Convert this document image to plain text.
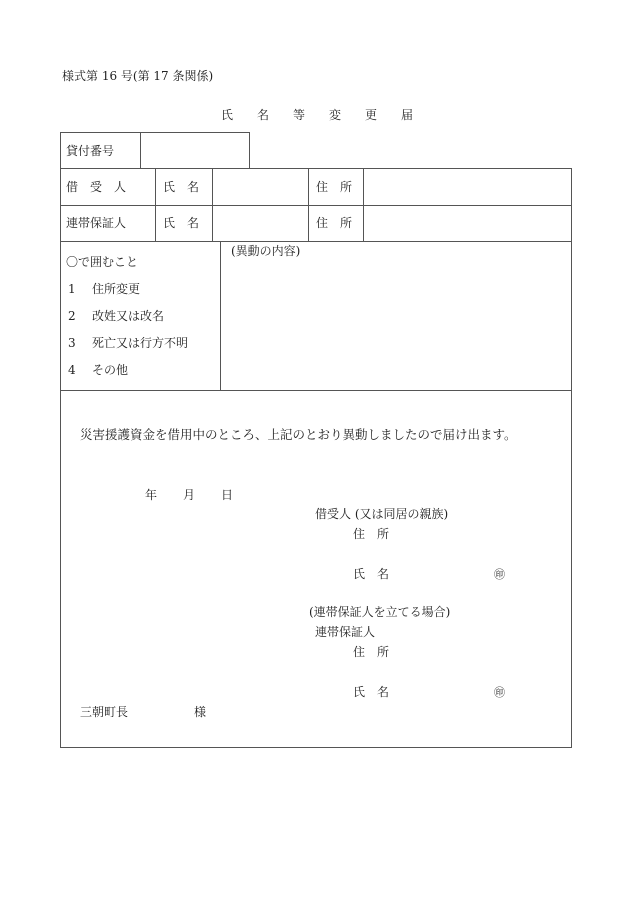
様式第 16 号(第 17 条関係)
氏 名 等 変 更 届
貸付番号
借 受 人	氏 名	住 所
連帯保証人	氏 名	住 所
〇で囲むこと
1 住所変更
2 改姓又は改名
3 死亡又は行方不明
4 その他
(異動の内容)
災害援護資金を借用中のところ、上記のとおり異動しましたので届け出ます。
年 月 日
借受人 (又は同居の親族)
住 所
氏 名	㊞
(連帯保証人を立てる場合)
連帯保証人
住 所
氏 名	㊞
三朝町長	様
